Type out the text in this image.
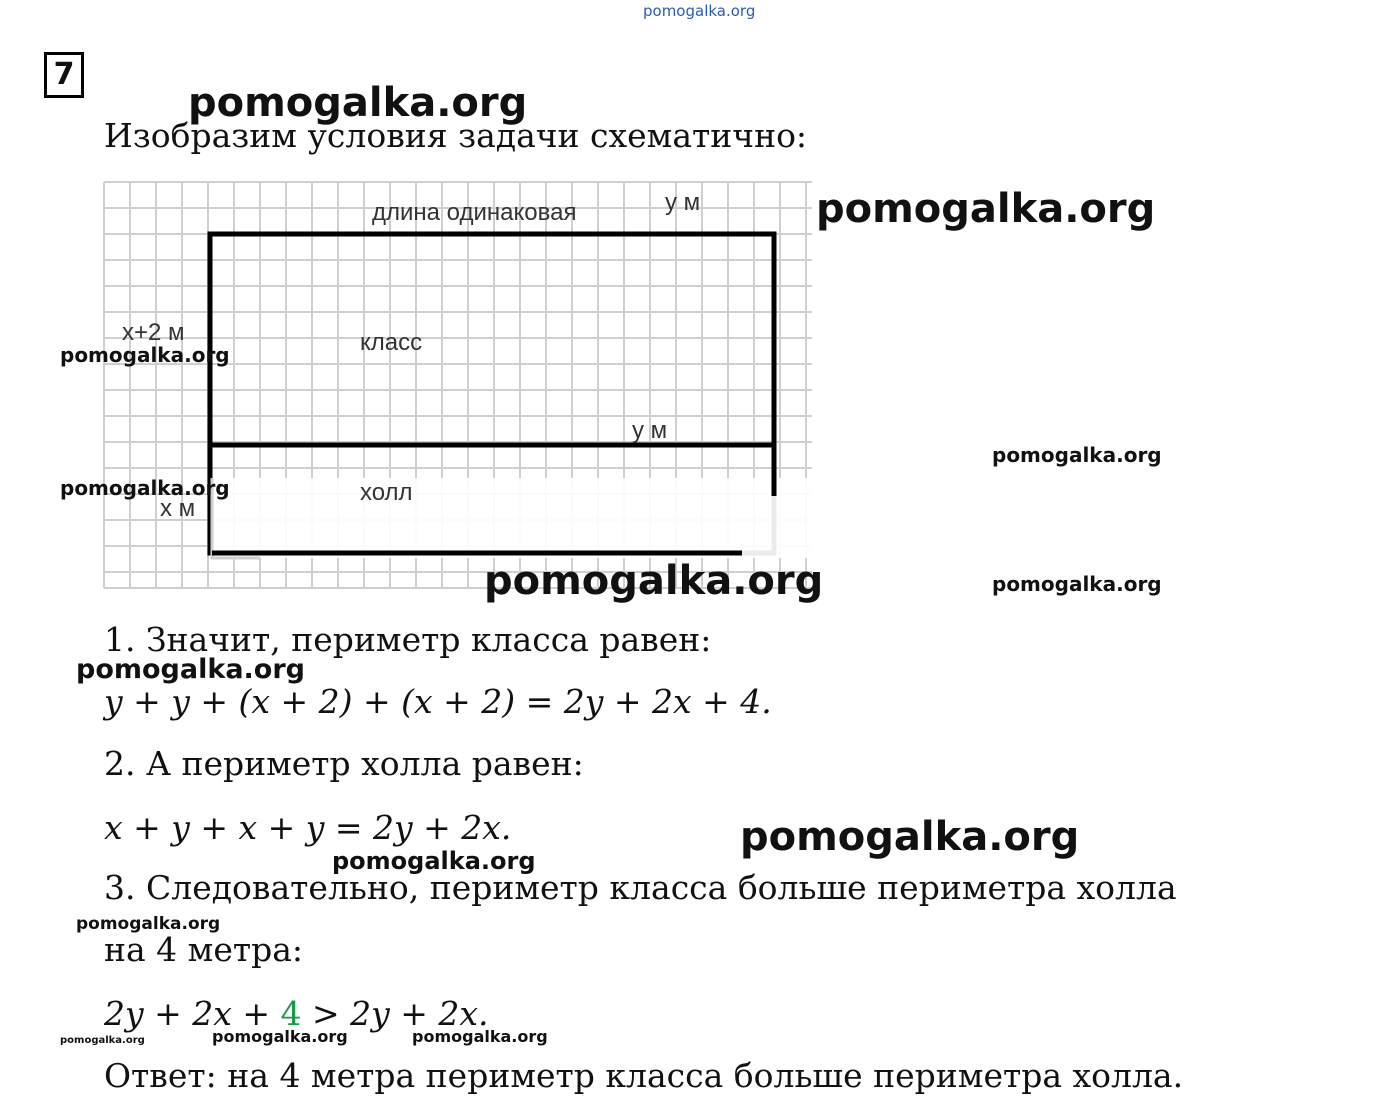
pomogalka.org
7
Изобразим условия задачи схематично:
длина одинаковая	у м
класс
х+2 м
у м
холл
х м
pomogalka.org
pomogalka.org
pomogalka.org
pomogalka.org
pomogalka.org
pomogalka.org	pomogalka.org
1. Значит, периметр класса равен:
pomogalka.org
y + y + (x + 2) + (x + 2) = 2y + 2x + 4.
2. А периметр холла равен:
x + y + x + y = 2y + 2x.	pomogalka.org
pomogalka.org
3. Следовательно, периметр класса больше периметра холла
pomogalka.org
на 4 метра:
2y + 2x + 4 > 2y + 2x.
pomogalka.org	pomogalka.org	pomogalka.org
Ответ: на 4 метра периметр класса больше периметра холла.
